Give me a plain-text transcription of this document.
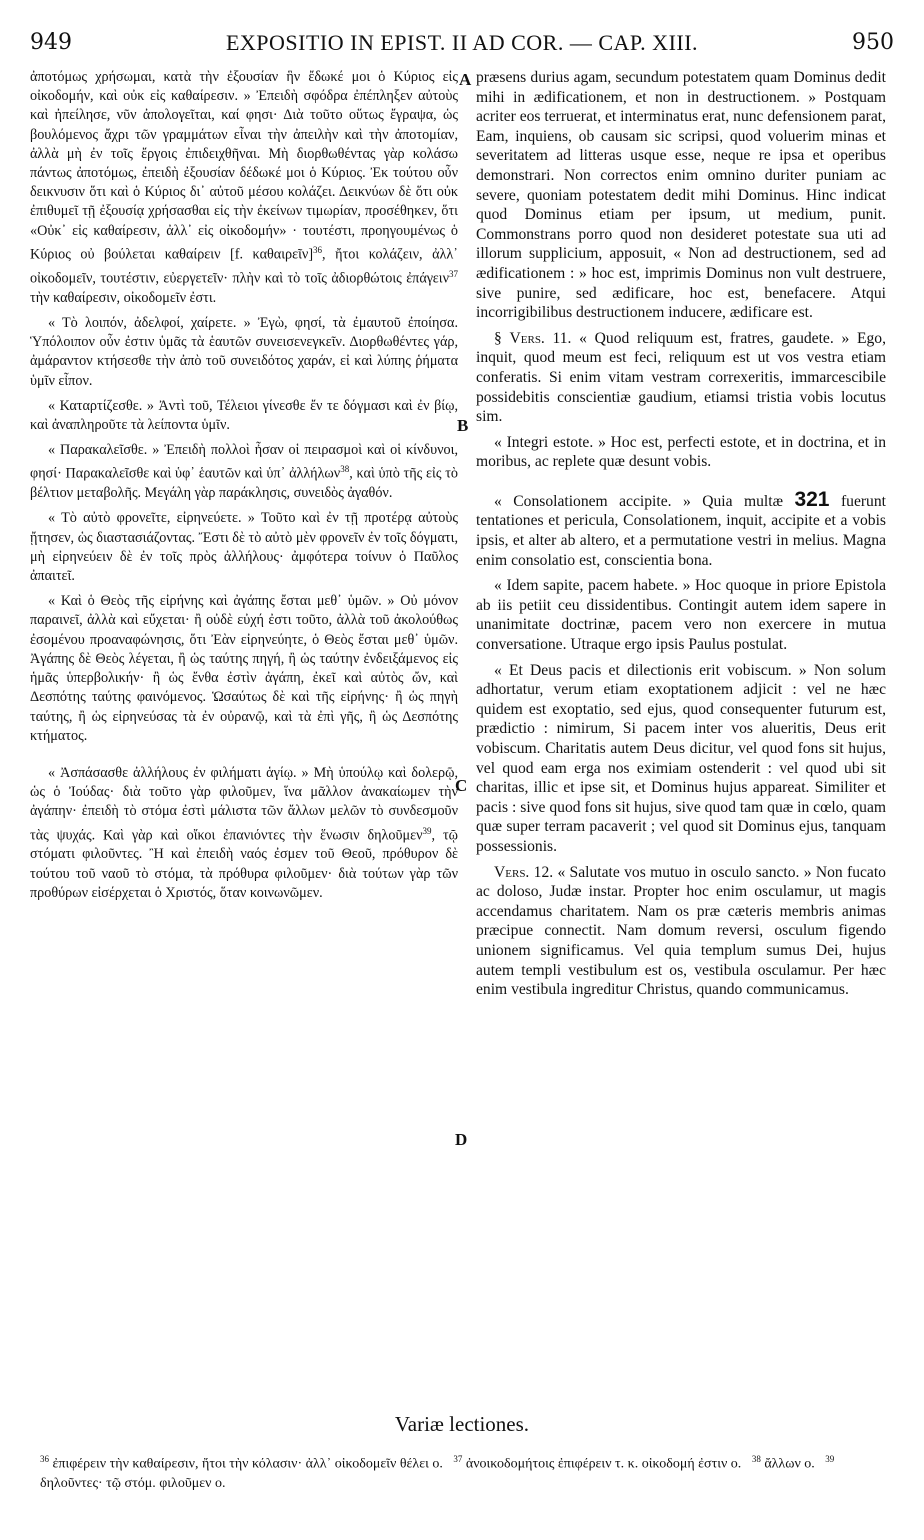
949	EXPOSITIO IN EPIST. II AD COR. — CAP. XIII.	950
A
B
C
D

ἀποτόμως χρήσωμαι, κατὰ τὴν ἐξουσίαν ἣν ἔδωκέ μοι ὁ Κύριος εἰς οἰκοδομήν, καὶ οὐκ εἰς καθαίρεσιν. » Ἐπειδὴ σφόδρα ἐπέπληξεν αὐτοὺς καὶ ἠπείλησε, νῦν ἀπολογεῖται, καί φησι· Διὰ τοῦτο οὕτως ἔγραψα, ὡς βουλόμενος ἄχρι τῶν γραμμάτων εἶναι τὴν ἀπειλὴν καὶ τὴν ἀποτομίαν, ἀλλὰ μὴ ἐν τοῖς ἔργοις ἐπιδειχθῆναι. Μὴ διορθωθέντας γὰρ κολάσω πάντως ἀποτόμως, ἐπειδὴ ἐξουσίαν δέδωκέ μοι ὁ Κύριος. Ἐκ τούτου οὖν δεικνυσιν ὅτι καὶ ὁ Κύριος δι᾽ αὐτοῦ μέσου κολάζει. Δεικνύων δὲ ὅτι οὐκ ἐπιθυμεῖ τῇ ἐξουσίᾳ χρήσασθαι εἰς τὴν ἐκείνων τιμωρίαν, προσέθηκεν, ὅτι «Οὐκ᾽ εἰς καθαίρεσιν, ἀλλ᾽ εἰς οἰκοδομήν» · τουτέστι, προηγουμένως ὁ Κύριος οὐ βούλεται καθαίρειν [f. καθαιρεῖν]$^{36}$, ἤτοι κολάζειν, ἀλλ᾽ οἰκοδομεῖν, τουτέστιν, εὐεργετεῖν· πλὴν καὶ τὸ τοῖς ἀδιορθώτοις ἐπάγειν$^{37}$ τὴν καθαίρεσιν, οἰκοδομεῖν ἐστι.

« Τὸ λοιπόν, ἀδελφοί, χαίρετε. » Ἐγὼ, φησί, τὰ ἐμαυτοῦ ἐποίησα. Ὑπόλοιπον οὖν ἐστιν ὑμᾶς τὰ ἑαυτῶν συνεισενεγκεῖν. Διορθωθέντες γάρ, ἀμάραντον κτήσεσθε τὴν ἀπὸ τοῦ συνειδότος χαράν, εἰ καὶ λύπης ῥήματα ὑμῖν εἶπον.

« Καταρτίζεσθε. » Ἀντὶ τοῦ, Τέλειοι γίνεσθε ἔν τε δόγμασι καὶ ἐν βίῳ, καὶ ἀναπληροῦτε τὰ λείποντα ὑμῖν.

« Παρακαλεῖσθε. » Ἐπειδὴ πολλοὶ ἦσαν οἱ πειρασμοὶ καὶ οἱ κίνδυνοι, φησί· Παρακαλεῖσθε καὶ ὑφ᾽ ἑαυτῶν καὶ ὑπ᾽ ἀλλήλων$^{38}$, καὶ ὑπὸ τῆς εἰς τὸ βέλτιον μεταβολῆς. Μεγάλη γὰρ παράκλησις, συνειδὸς ἀγαθόν.

« Τὸ αὐτὸ φρονεῖτε, εἰρηνεύετε. » Τοῦτο καὶ ἐν τῇ προτέρᾳ αὐτοὺς ᾔτησεν, ὡς διαστασιάζοντας. Ἔστι δὲ τὸ αὐτὸ μὲν φρονεῖν ἐν τοῖς δόγματι, μὴ εἰρηνεύειν δὲ ἐν τοῖς πρὸς ἀλλήλους· ἀμφότερα τοίνυν ὁ Παῦλος ἀπαιτεῖ.

« Καὶ ὁ Θεὸς τῆς εἰρήνης καὶ ἀγάπης ἔσται μεθ᾽ ὑμῶν. » Οὐ μόνον παραινεῖ, ἀλλὰ καὶ εὔχεται· ἢ οὐδὲ εὐχή ἐστι τοῦτο, ἀλλὰ τοῦ ἀκολούθως ἐσομένου προαναφώνησις, ὅτι Ἐὰν εἰρηνεύητε, ὁ Θεὸς ἔσται μεθ᾽ ὑμῶν. Ἀγάπης δὲ Θεὸς λέγεται, ἢ ὡς ταύτης πηγή, ἢ ὡς ταύτην ἐνδειξάμενος εἰς ἡμᾶς ὑπερβολικήν· ἢ ὡς ἔνθα ἐστὶν ἀγάπη, ἐκεῖ καὶ αὐτὸς ὤν, καὶ Δεσπότης ταύτης φαινόμενος. Ὡσαύτως δὲ καὶ τῆς εἰρήνης· ἢ ὡς πηγὴ ταύτης, ἢ ὡς εἰρηνεύσας τὰ ἐν οὐρανῷ, καὶ τὰ ἐπὶ γῆς, ἢ ὡς Δεσπότης κτήματος.

« Ἀσπάσασθε ἀλλήλους ἐν φιλήματι ἁγίῳ. » Μὴ ὑπούλῳ καὶ δολερῷ, ὡς ὁ Ἰούδας· διὰ τοῦτο γὰρ φιλοῦμεν, ἵνα μᾶλλον ἀνακαίωμεν τὴν ἀγάπην· ἐπειδὴ τὸ στόμα ἐστὶ μάλιστα τῶν ἄλλων μελῶν τὸ συνδεσμοῦν τὰς ψυχάς. Καὶ γὰρ καὶ οἴκοι ἐπανιόντες τὴν ἕνωσιν δηλοῦμεν$^{39}$, τῷ στόματι φιλοῦντες. Ἢ καὶ ἐπειδὴ ναός ἐσμεν τοῦ Θεοῦ, πρόθυρον δὲ τούτου τοῦ ναοῦ τὸ στόμα, τὰ πρόθυρα φιλοῦμεν· διὰ τούτων γὰρ τῶν προθύρων εἰσέρχεται ὁ Χριστός, ὅταν κοινωνῶμεν.

præsens durius agam, secundum potestatem quam Dominus dedit mihi in ædificationem, et non in destructionem. » Postquam acriter eos terruerat, et interminatus erat, nunc defensionem parat, Eam, inquiens, ob causam sic scripsi, quod voluerim minas et severitatem ad litteras usque esse, neque re ipsa et operibus demonstrari. Non correctos enim omnino duriter puniam ac severe, quoniam potestatem dedit mihi Dominus. Hinc indicat quod Dominus etiam per ipsum, ut medium, punit. Commonstrans porro quod non desideret potestate sua uti ad illorum supplicium, apposuit, « Non ad destructionem, sed ad ædificationem : » hoc est, imprimis Dominus non vult destruere, sive punire, sed ædificare, hoc est, benefacere. Atqui incorrigibilibus destructionem inducere, ædificare est.

§ Vers. 11. « Quod reliquum est, fratres, gaudete. » Ego, inquit, quod meum est feci, reliquum est ut vos vestra etiam conferatis. Si enim vitam vestram correxeritis, immarcescibile possidebitis conscientiæ gaudium, etiamsi tristia vobis locutus sim.

« Integri estote. » Hoc est, perfecti estote, et in doctrina, et in moribus, ac replete quæ desunt vobis.

« Consolationem accipite. » Quia multæ 321 fuerunt tentationes et pericula, Consolationem, inquit, accipite et a vobis ipsis, et alter ab altero, et a permutatione vestri in melius. Magna enim consolatio est, conscientia bona.

« Idem sapite, pacem habete. » Hoc quoque in priore Epistola ab iis petiit ceu dissidentibus. Contingit autem idem sapere in unanimitate doctrinæ, pacem vero non exercere in mutua conversatione. Utraque ergo ipsis Paulus postulat.

« Et Deus pacis et dilectionis erit vobiscum. » Non solum adhortatur, verum etiam exoptationem adjicit : vel ne hæc quidem est exoptatio, sed ejus, quod consequenter futurum est, prædictio : nimirum, Si pacem inter vos alueritis, Deus erit vobiscum. Charitatis autem Deus dicitur, vel quod fons sit hujus, vel quod eam erga nos eximiam ostenderit : vel quod ubi sit charitas, illic et ipse sit, et Dominus hujus appareat. Similiter et pacis : sive quod fons sit hujus, sive quod tam quæ in cœlo, quam quæ super terram pacaverit ; vel quod sit Dominus ejus, tanquam possessionis.

Vers. 12. « Salutate vos mutuo in osculo sancto. » Non fucato ac doloso, Judæ instar. Propter hoc enim osculamur, ut magis accendamus charitatem. Nam os præ cæteris membris animas præcipue connectit. Nam domum reversi, osculum figendo unionem significamus. Vel quia templum sumus Dei, hujus autem templi vestibulum est os, vestibula osculamur. Per hæc enim vestibula ingreditur Christus, quando communicamus.

Variæ lectiones.
$^{36}$ ἐπιφέρειν τὴν καθαίρεσιν, ἤτοι τὴν κόλασιν· ἀλλ᾽ οἰκοδομεῖν θέλει ο. $^{37}$ ἀνοικοδομήτοις ἐπιφέρειν τ. κ. οἰκοδομή ἐστιν ο. $^{38}$ ἄλλων ο. $^{39}$ δηλοῦντες· τῷ στόμ. φιλοῦμεν ο.
